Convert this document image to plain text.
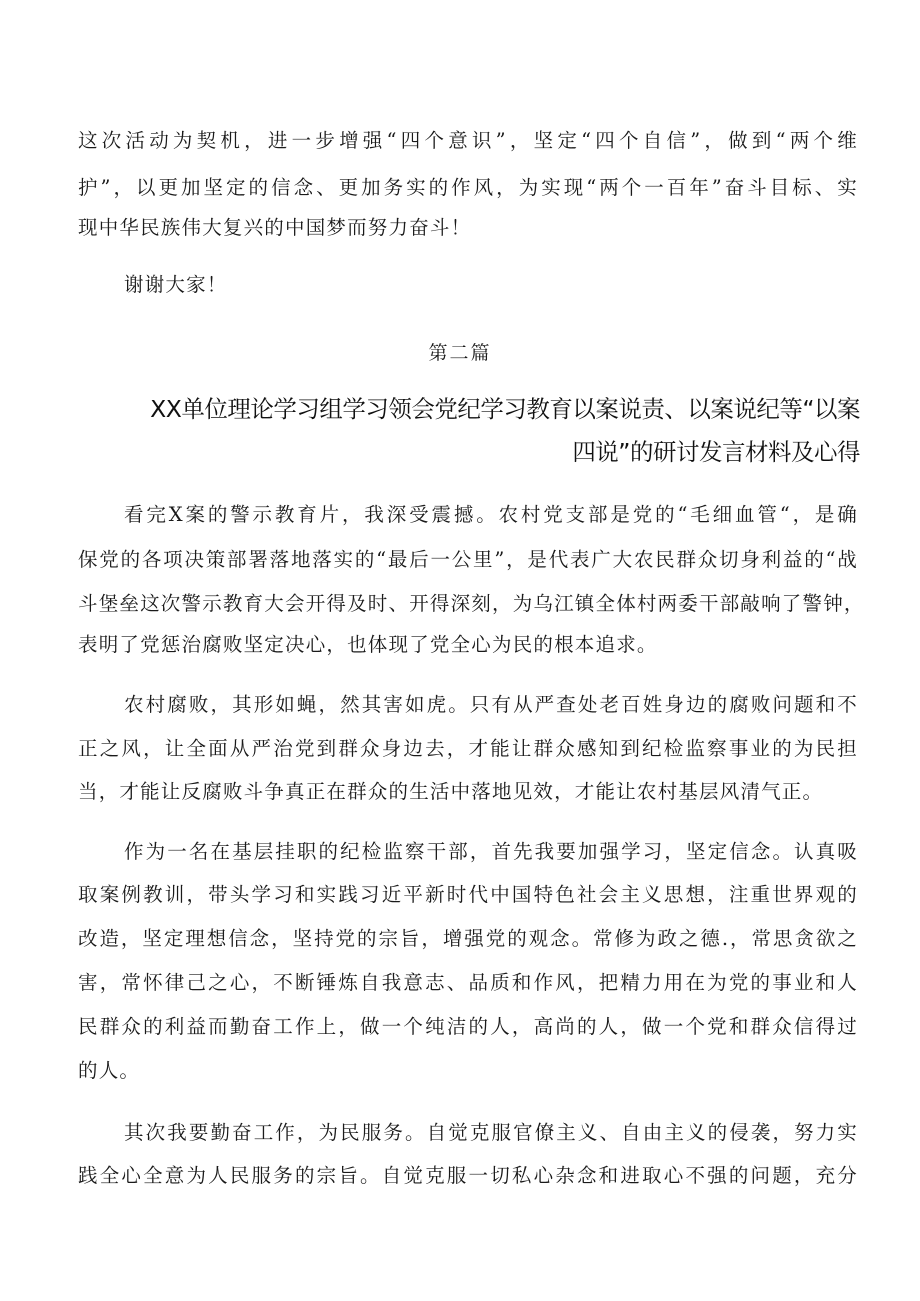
这次活动为契机，进一步增强“四个意识”，坚定“四个自信”，做到“两个维
护”，以更加坚定的信念、更加务实的作风，为实现“两个一百年”奋斗目标、实
现中华民族伟大复兴的中国梦而努力奋斗！
谢谢大家！
第二篇
XX单位理论学习组学习领会党纪学习教育以案说责、以案说纪等“以案
四说”的研讨发言材料及心得
看完X案的警示教育片，我深受震撼。农村党支部是党的“毛细血管“，是确
保党的各项决策部署落地落实的“最后一公里”，是代表广大农民群众切身利益的“战
斗堡垒这次警示教育大会开得及时、开得深刻，为乌江镇全体村两委干部敲响了警钟，
表明了党惩治腐败坚定决心，也体现了党全心为民的根本追求。
农村腐败，其形如蝇，然其害如虎。只有从严查处老百姓身边的腐败问题和不
正之风，让全面从严治党到群众身边去，才能让群众感知到纪检监察事业的为民担
当，才能让反腐败斗争真正在群众的生活中落地见效，才能让农村基层风清气正。
作为一名在基层挂职的纪检监察干部，首先我要加强学习，坚定信念。认真吸
取案例教训，带头学习和实践习近平新时代中国特色社会主义思想，注重世界观的
改造，坚定理想信念，坚持党的宗旨，增强党的观念。常修为政之德.，常思贪欲之
害，常怀律己之心，不断锤炼自我意志、品质和作风，把精力用在为党的事业和人
民群众的利益而勤奋工作上，做一个纯洁的人，高尚的人，做一个党和群众信得过
的人。
其次我要勤奋工作，为民服务。自觉克服官僚主义、自由主义的侵袭，努力实
践全心全意为人民服务的宗旨。自觉克服一切私心杂念和进取心不强的问题，充分
